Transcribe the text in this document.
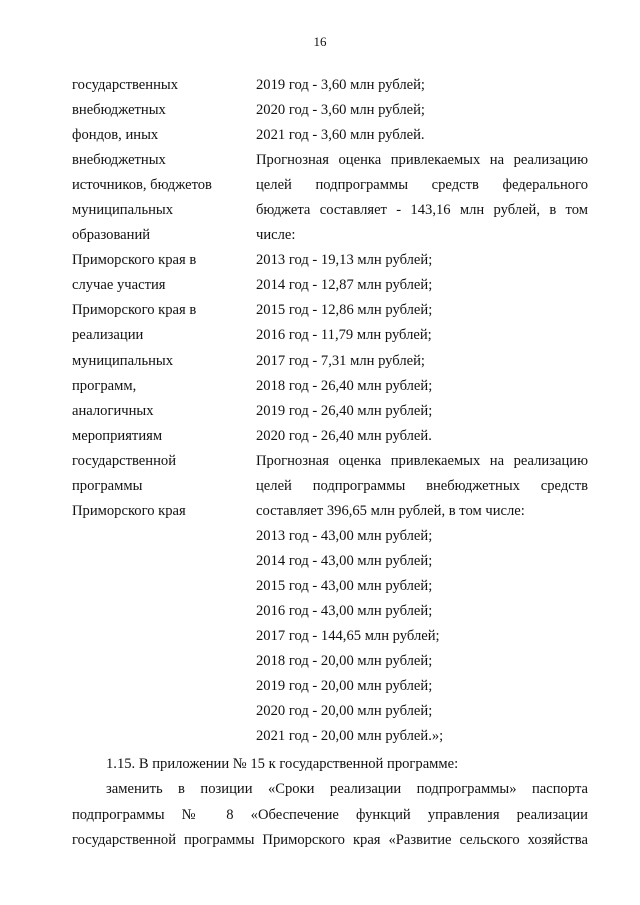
16
государственных
внебюджетных
фондов, иных
внебюджетных
источников, бюджетов
муниципальных
образований
Приморского края в
случае участия
Приморского края в
реализации
муниципальных
программ,
аналогичных
мероприятиям
государственной
программы
Приморского края
2019 год - 3,60 млн рублей;
2020 год - 3,60 млн рублей;
2021 год - 3,60 млн рублей.
Прогнозная оценка привлекаемых на реализацию
целей подпрограммы средств федерального
бюджета составляет - 143,16 млн рублей, в том
числе:
2013 год - 19,13 млн рублей;
2014 год - 12,87 млн рублей;
2015 год - 12,86 млн рублей;
2016 год - 11,79 млн рублей;
2017 год - 7,31 млн рублей;
2018 год - 26,40 млн рублей;
2019 год - 26,40 млн рублей;
2020 год - 26,40 млн рублей.
Прогнозная оценка привлекаемых на реализацию
целей подпрограммы внебюджетных средств
составляет 396,65 млн рублей, в том числе:
2013 год - 43,00 млн рублей;
2014 год - 43,00 млн рублей;
2015 год - 43,00 млн рублей;
2016 год - 43,00 млн рублей;
2017 год - 144,65 млн рублей;
2018 год - 20,00 млн рублей;
2019 год - 20,00 млн рублей;
2020 год - 20,00 млн рублей;
2021 год - 20,00 млн рублей.»;
1.15. В приложении № 15 к государственной программе:
заменить в позиции «Сроки реализации подпрограммы» паспорта
подпрограммы № 8 «Обеспечение функций управления реализации
государственной программы Приморского края «Развитие сельского хозяйства
